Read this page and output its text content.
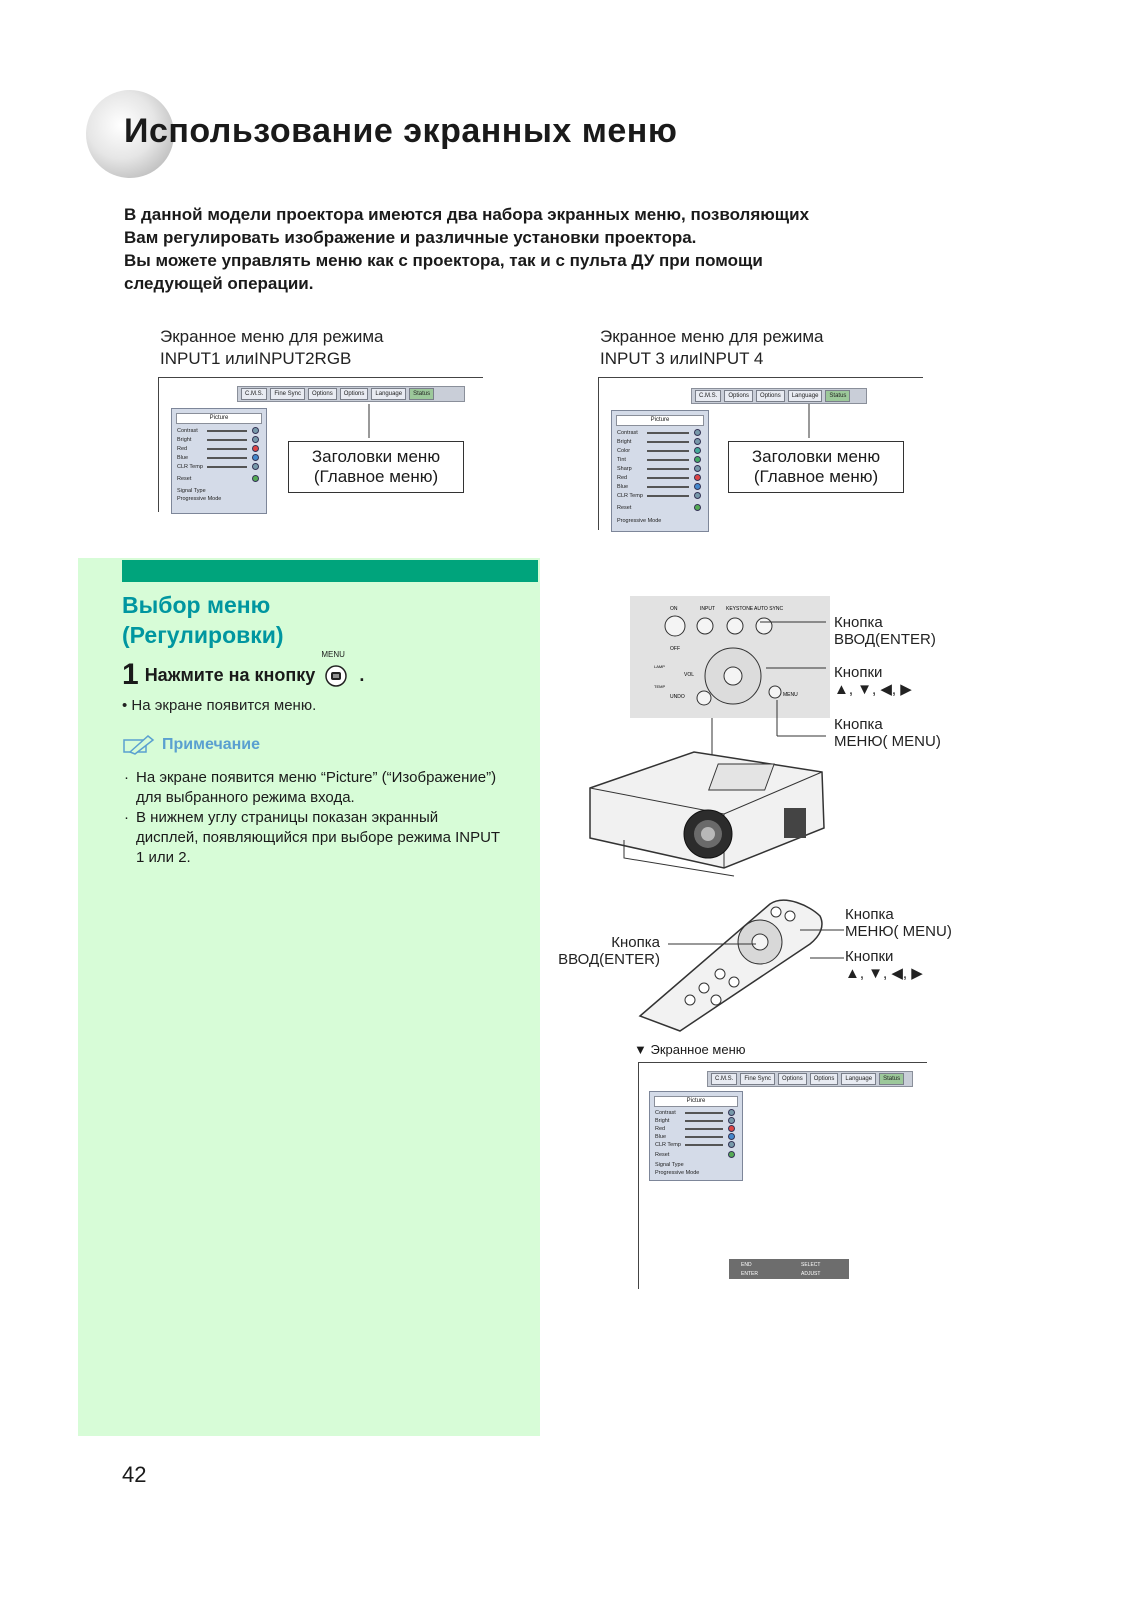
Использование экранных меню
В данной модели проектора имеются два набора экранных меню, позволяющих
Вам регулировать изображение и различные установки проектора.
Вы можете управлять меню как с проектора, так и с пульта ДУ при помощи
следующей операции.
Экранное меню для режима
INPUT1 илиINPUT2RGB
C.M.S.	Fine Sync	Options	Options	Language	Status
Picture
Contrast
Bright
Red
Blue
CLR Temp
Reset
Signal Type
Progressive Mode
Заголовки меню
(Главное меню)
Экранное меню для режима
INPUT 3 илиINPUT 4
C.M.S.	Options	Options	Language	Status
Picture
Contrast
Bright
Color
Tint
Sharp
Red
Blue
CLR Temp
Reset
Progressive Mode
Заголовки меню
(Главное меню)
Выбор меню
(Регулировки)
1 Нажмите на кнопку
MENU
.
• На экране появится меню.
Примечание
· На экране появится меню “Picture” (“Изображение”) для выбранного режима входа.
· В нижнем углу страницы показан экранный дисплей, появляющийся при выборе режима INPUT 1 или 2.
ON	INPUT KEYSTONE AUTO SYNC
OFF
VOL
UNDO	MENU
LAMP
TEMP
Кнопка
ВВОД(ENTER)
Кнопки
▲, ▼, ◀, ▶
Кнопка
МЕНЮ( MENU)
Кнопка
МЕНЮ( MENU)
Кнопки
▲, ▼, ◀, ▶
Кнопка
ВВОД(ENTER)
▼ Экранное меню
C.M.S.	Fine Sync	Options	Options	Language	Status
Picture
Contrast
Bright
Red
Blue
CLR Temp
Reset
Signal Type
Progressive Mode
END	SELECT
ENTER	ADJUST
42
